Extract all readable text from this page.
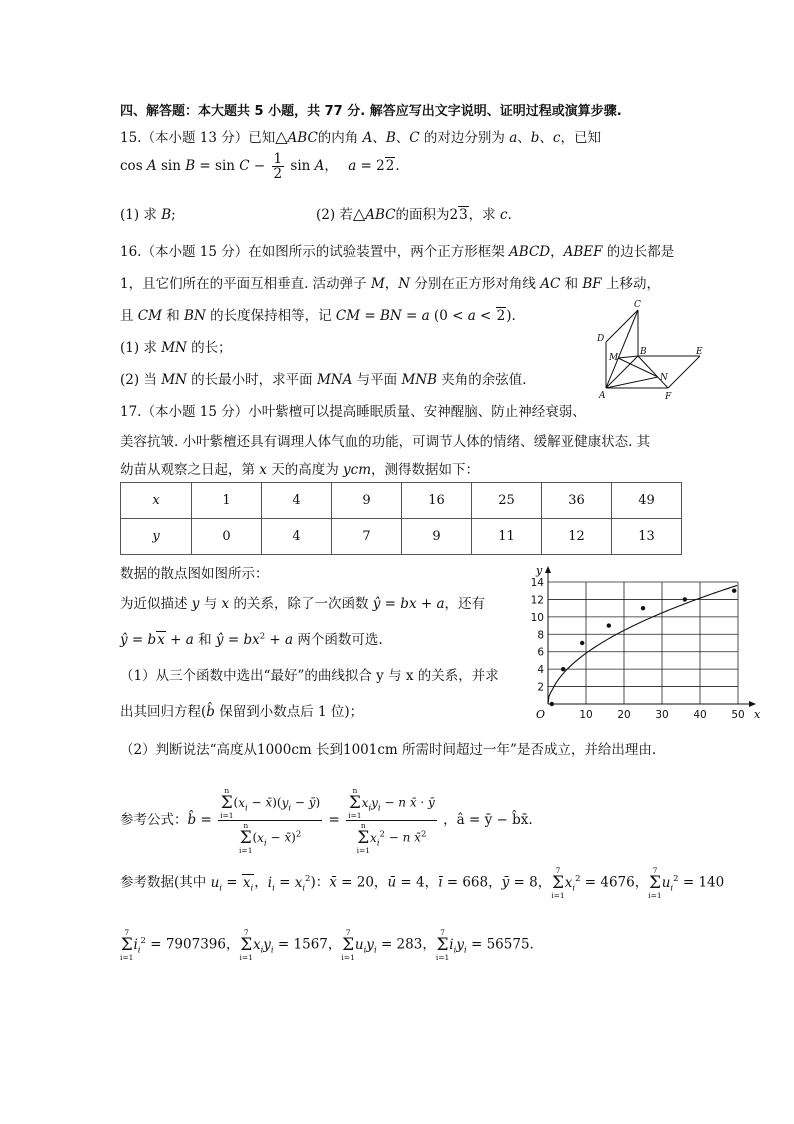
四、解答题：本大题共 5 小题，共 77 分. 解答应写出文字说明、证明过程或演算步骤.
15.（本小题 13 分）已知△ABC的内角 A、B、C 的对边分别为 a、b、c，已知
cos A $\sin B = \sin C - \frac{1}{2}$ sin A， a = 22.
(1) 求 B;	(2) 若△ABC的面积为23，求 c.
16.（本小题 15 分）在如图所示的试验装置中，两个正方形框架 ABCD，ABEF 的边长都是
1，且它们所在的平面互相垂直. 活动弹子 M，N 分别在正方形对角线 AC 和 BF 上移动，
且 CM 和 BN 的长度保持相等，记 CM = BN = a (0 < a < 2).
(1) 求 MN 的长；
(2) 当 MN 的长最小时，求平面 MNA 与平面 MNB 夹角的余弦值.
C
D
M
B	E
N
A	F
17.（本小题 15 分）小叶紫檀可以提高睡眠质量、安神醒脑、防止神经衰弱、
美容抗皱. 小叶紫檀还具有调理人体气血的功能，可调节人体的情绪、缓解亚健康状态. 其
幼苗从观察之日起，第 x 天的高度为 ycm，测得数据如下：
x	1	4	9	16	25	36	49
y	0	4	7	9	11	12	13
数据的散点图如图所示：
为近似描述 y 与 x 的关系，除了一次函数 ŷ = bx + a，还有
ŷ = bx + a 和 ŷ = $bx^2 + a$ 两个函数可选.
（1）从三个函数中选出“最好”的曲线拟合 y 与 x 的关系，并求
出其回归方程(b̂ 保留到小数点后 1 位)；
（2）判断说法“高度从1000cm 长到1001cm 所需时间超过一年”是否成立，并给出理由.
10 20 30 40 50
2
4
6
8
10
12
14
x
y
O
参考公式：b̂ = n
Σ
$i=1(x_i$ − $x̄)(y_i$ − ȳ)
n
Σ
$i=1(x_i$ − x̄)$^2$ = n
Σ
$i=1x_iy_i - n$ x̄ · ȳ
n
Σ
$i=1x_i^2 - n$ x̄$^2$ ，â = ȳ − b̂x̄.
参考数据(其中 $u_i = x_i$，$i_i = x_i^2$)：x̄ = 20，ū = 4，ī = 668，ȳ = 8，7
Σ
$i=1x_i^2 = 4676$，7
Σ
$i=1u_i^2 = 140$
7
Σ
$i=1i_i^2 = 7907396$，7
Σ
$i=1x_iy_i = 1567$，7
Σ
$i=1u_iy_i = 283$，7
Σ
$i=1i_iy_i = 56575$.
